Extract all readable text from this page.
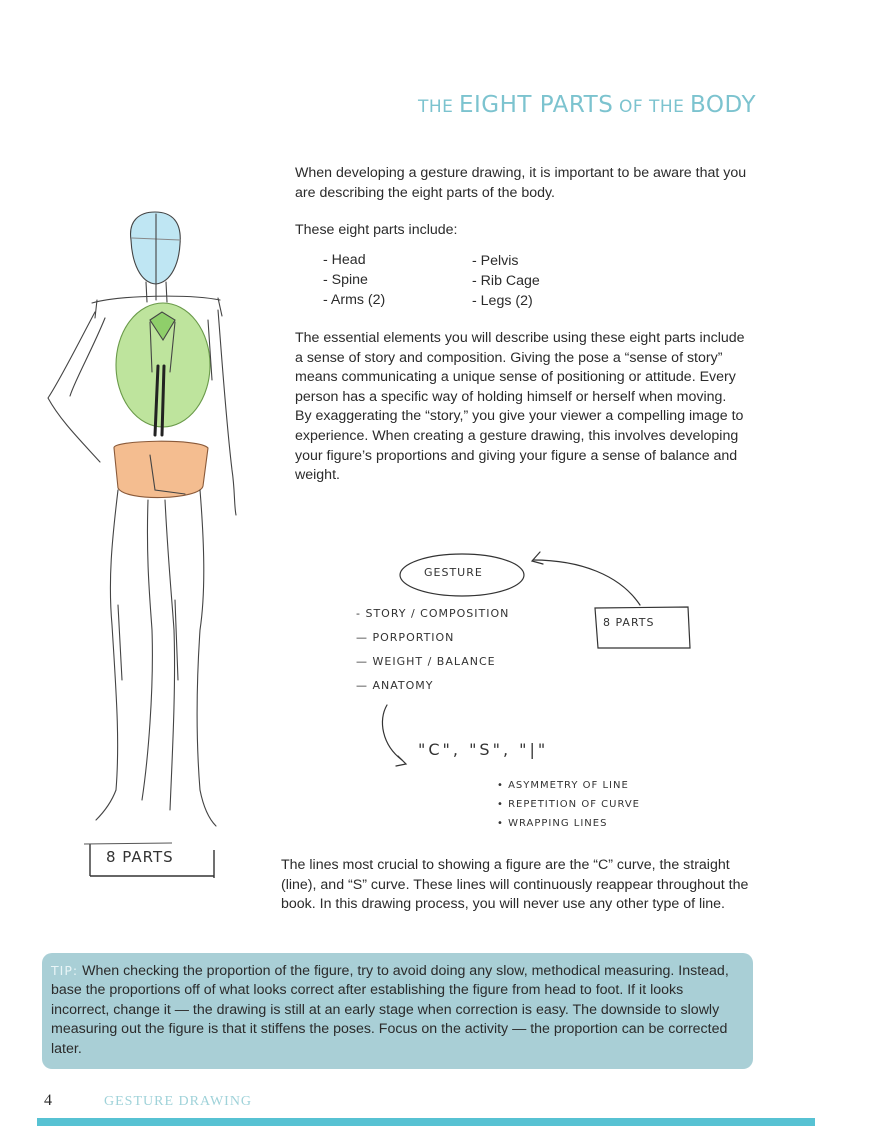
THE EIGHT PARTS OF THE BODY

When developing a gesture drawing, it is important to be aware that you are describing the eight parts of the body.

These eight parts include:

- Head
- Spine
- Arms (2)
- Pelvis
- Rib Cage
- Legs (2)

The essential elements you will describe using these eight parts include a sense of story and composition. Giving the pose a “sense of story” means communicating a unique sense of positioning or attitude. Every person has a specific way of holding himself or herself when moving. By exaggerating the “story,” you give your viewer a compelling image to experience. When creating a gesture drawing, this involves developing your figure’s proportions and giving your figure a sense of balance and weight.

8 PARTS
GESTURE
8 PARTS
- STORY / COMPOSITION
— PORPORTION
— WEIGHT / BALANCE
— ANATOMY
"C", "S", "|"
• ASYMMETRY OF LINE
• REPETITION OF CURVE
• WRAPPING LINES

The lines most crucial to showing a figure are the “C” curve, the straight (line), and “S” curve. These lines will continuously reappear throughout the book. In this drawing process, you will never use any other type of line.

TIP: When checking the proportion of the figure, try to avoid doing any slow, methodical measuring. Instead, base the proportions off of what looks correct after establishing the figure from head to foot. If it looks incorrect, change it — the drawing is still at an early stage when correction is easy. The downside to slowly measuring out the figure is that it stiffens the poses. Focus on the activity — the proportion can be corrected later.

4	GESTURE DRAWING
